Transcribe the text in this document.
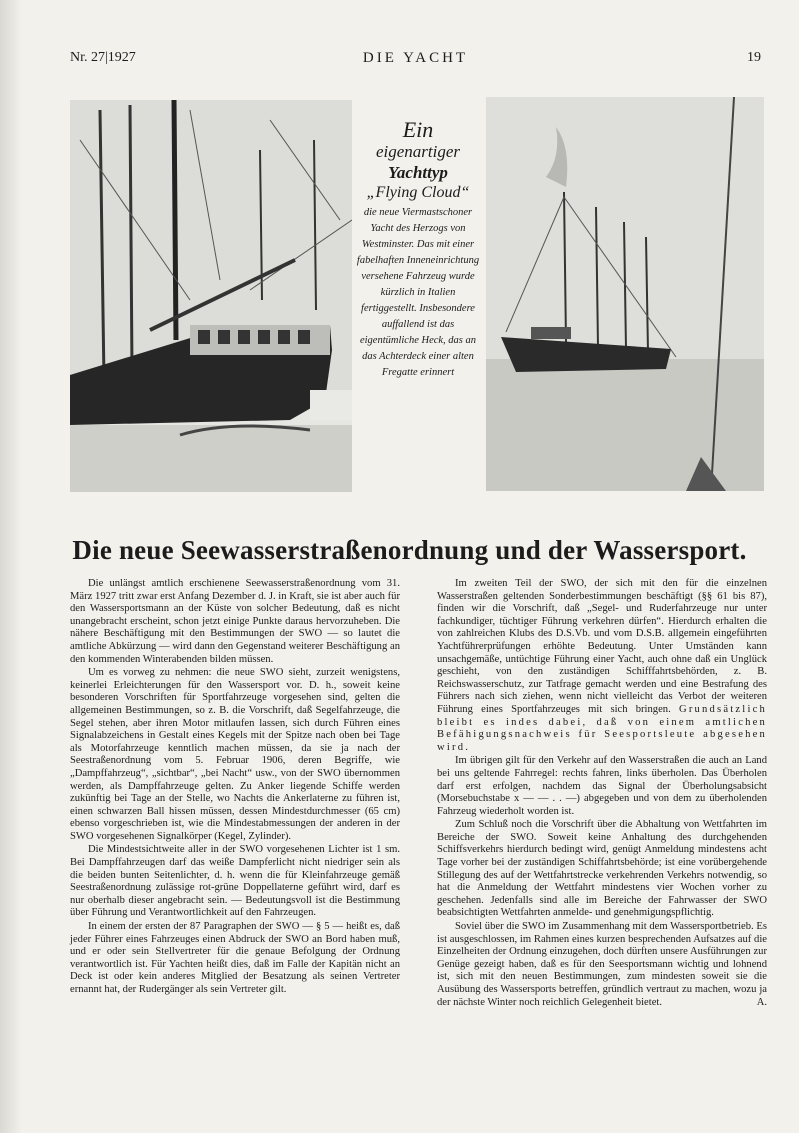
Nr. 27|1927	DIE YACHT	19
Ein
eigenartiger
Yachttyp
„Flying Cloud“
die neue Viermastschoner Yacht des Herzogs von Westminster. Das mit einer fabelhaften Inneneinrichtung versehene Fahrzeug wurde kürzlich in Italien fertiggestellt. Insbesondere auffallend ist das eigentümliche Heck, das an das Achterdeck einer alten Fregatte erinnert
Die neue Seewasserstraßenordnung und der Wassersport.

Die unlängst amtlich erschienene Seewasserstraßenordnung vom 31. März 1927 tritt zwar erst Anfang Dezember d. J. in Kraft, sie ist aber auch für den Wassersportsmann an der Küste von solcher Bedeutung, daß es nicht unangebracht erscheint, schon jetzt einige Punkte daraus hervorzuheben. Die nähere Beschäftigung mit den Bestimmungen der SWO — so lautet die amtliche Abkürzung — wird dann den Gegenstand weiterer Beschäftigung an den kommenden Winterabenden bilden müssen.

Um es vorweg zu nehmen: die neue SWO sieht, zurzeit wenigstens, keinerlei Erleichterungen für den Wassersport vor. D. h., soweit keine besonderen Vorschriften für Sportfahrzeuge vorgesehen sind, gelten die allgemeinen Bestimmungen, so z. B. die Vorschrift, daß Segelfahrzeuge, die Segel stehen, aber ihren Motor mitlaufen lassen, sich durch Führen eines Signalabzeichens in Gestalt eines Kegels mit der Spitze nach oben bei Tage als Motorfahrzeuge kenntlich machen müssen, da sie ja nach der Seestraßenordnung vom 5. Februar 1906, deren Begriffe, wie „Dampffahrzeug“, „sichtbar“, „bei Nacht“ usw., von der SWO übernommen werden, als Dampffahrzeuge gelten. Zu Anker liegende Schiffe werden zukünftig bei Tage an der Stelle, wo Nachts die Ankerlaterne zu führen ist, einen schwarzen Ball hissen müssen, dessen Mindestdurchmesser (65 cm) ebenso vorgeschrieben ist, wie die Mindestabmessungen der anderen in der SWO vorgesehenen Signalkörper (Kegel, Zylinder).

Die Mindestsichtweite aller in der SWO vorgesehenen Lichter ist 1 sm. Bei Dampffahrzeugen darf das weiße Dampferlicht nicht niedriger sein als die beiden bunten Seitenlichter, d. h. wenn die für Kleinfahrzeuge gemäß Seestraßenordnung zulässige rot-grüne Doppellaterne geführt wird, darf es nur oberhalb dieser angebracht sein. — Bedeutungsvoll ist die Bestimmung über Führung und Verantwortlichkeit auf den Fahrzeugen.

In einem der ersten der 87 Paragraphen der SWO — § 5 — heißt es, daß jeder Führer eines Fahrzeuges einen Abdruck der SWO an Bord haben muß, und er oder sein Stellvertreter für die genaue Befolgung der Ordnung verantwortlich ist. Für Yachten heißt dies, daß im Falle der Kapitän nicht an Deck ist oder kein anderes Mitglied der Besatzung als seinen Vertreter ernannt hat, der Rudergänger als sein Vertreter gilt.

Im zweiten Teil der SWO, der sich mit den für die einzelnen Wasserstraßen geltenden Sonderbestimmungen beschäftigt (§§ 61 bis 87), finden wir die Vorschrift, daß „Segel- und Ruderfahrzeuge nur unter fachkundiger, tüchtiger Führung verkehren dürfen“. Hierdurch erhalten die von zahlreichen Klubs des D.S.Vb. und vom D.S.B. allgemein eingeführten Yachtführerprüfungen erhöhte Bedeutung. Unter Umständen kann unsachgemäße, untüchtige Führung einer Yacht, auch ohne daß ein Unglück geschieht, von den zuständigen Schifffahrtsbehörden, z. B. Reichswasserschutz, zur Tatfrage gemacht werden und eine Bestrafung des Führers nach sich ziehen, wenn nicht vielleicht das Verbot der weiteren Führung eines Sportfahrzeuges mit sich bringen. Grundsätzlich bleibt es indes dabei, daß von einem amtlichen Befähigungsnachweis für Seesportsleute abgesehen wird.

Im übrigen gilt für den Verkehr auf den Wasserstraßen die auch an Land bei uns geltende Fahrregel: rechts fahren, links überholen. Das Überholen darf erst erfolgen, nachdem das Signal der Überholungsabsicht (Morsebuchstabe x — — . . —) abgegeben und von dem zu überholenden Fahrzeug wiederholt worden ist.

Zum Schluß noch die Vorschrift über die Abhaltung von Wettfahrten im Bereiche der SWO. Soweit keine Anhaltung des durchgehenden Schiffsverkehrs hierdurch bedingt wird, genügt Anmeldung mindestens acht Tage vorher bei der zuständigen Schiffahrtsbehörde; ist eine vorübergehende Stillegung des auf der Wettfahrtstrecke verkehrenden Verkehrs notwendig, so hat die Anmeldung der Wettfahrt mindestens vier Wochen vorher zu geschehen. Jedenfalls sind alle im Bereiche der Fahrwasser der SWO beabsichtigten Wettfahrten anmelde- und genehmigungspflichtig.

Soviel über die SWO im Zusammenhang mit dem Wassersportbetrieb. Es ist ausgeschlossen, im Rahmen eines kurzen besprechenden Aufsatzes auf die Einzelheiten der Ordnung einzugehen, doch dürften unsere Ausführungen zur Genüge gezeigt haben, daß es für den Seesportsmann wichtig und lohnend ist, sich mit den neuen Bestimmungen, zum mindesten soweit sie die Ausübung des Wassersports betreffen, gründlich vertraut zu machen, wozu ja der nächste Winter noch reichlich Gelegenheit bietet.	A.
